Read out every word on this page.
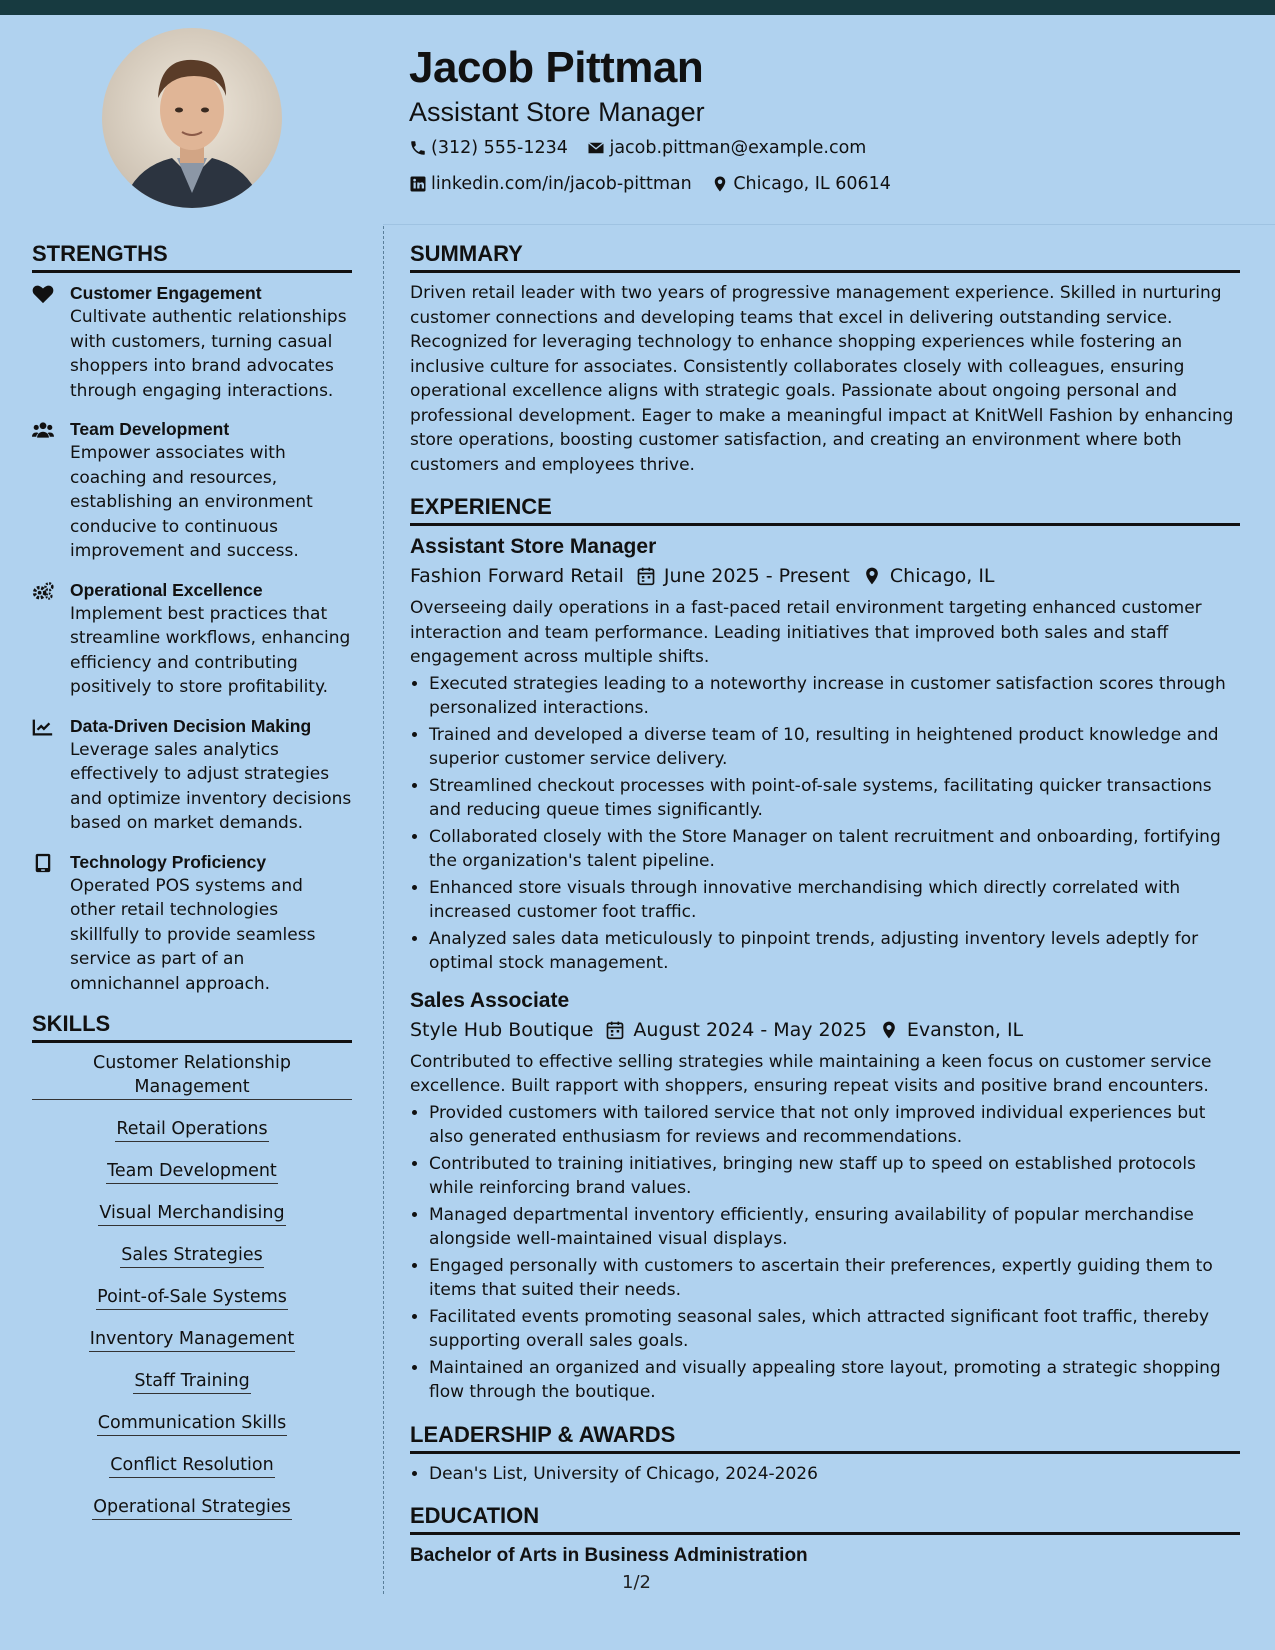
Jacob Pittman
Assistant Store Manager
(312) 555-1234
jacob.pittman@example.com
linkedin.com/in/jacob-pittman
Chicago, IL 60614
STRENGTHS
Customer Engagement
Cultivate authentic relationships with customers, turning casual shoppers into brand advocates through engaging interactions.
Team Development
Empower associates with coaching and resources, establishing an environment conducive to continuous improvement and success.
Operational Excellence
Implement best practices that streamline workflows, enhancing efficiency and contributing positively to store profitability.
Data-Driven Decision Making
Leverage sales analytics effectively to adjust strategies and optimize inventory decisions based on market demands.
Technology Proficiency
Operated POS systems and other retail technologies skillfully to provide seamless service as part of an omnichannel approach.
SKILLS
Customer Relationship Management
Retail Operations
Team Development
Visual Merchandising
Sales Strategies
Point-of-Sale Systems
Inventory Management
Staff Training
Communication Skills
Conflict Resolution
Operational Strategies
SUMMARY

Driven retail leader with two years of progressive management experience. Skilled in nurturing customer connections and developing teams that excel in delivering outstanding service. Recognized for leveraging technology to enhance shopping experiences while fostering an inclusive culture for associates. Consistently collaborates closely with colleagues, ensuring operational excellence aligns with strategic goals. Passionate about ongoing personal and professional development. Eager to make a meaningful impact at KnitWell Fashion by enhancing store operations, boosting customer satisfaction, and creating an environment where both customers and employees thrive.

EXPERIENCE
Assistant Store Manager
Fashion Forward Retail June 2025 - Present Chicago, IL

Overseeing daily operations in a fast-paced retail environment targeting enhanced customer interaction and team performance. Leading initiatives that improved both sales and staff engagement across multiple shifts.

• Executed strategies leading to a noteworthy increase in customer satisfaction scores through personalized interactions.
• Trained and developed a diverse team of 10, resulting in heightened product knowledge and superior customer service delivery.
• Streamlined checkout processes with point-of-sale systems, facilitating quicker transactions and reducing queue times significantly.
• Collaborated closely with the Store Manager on talent recruitment and onboarding, fortifying the organization's talent pipeline.
• Enhanced store visuals through innovative merchandising which directly correlated with increased customer foot traffic.
• Analyzed sales data meticulously to pinpoint trends, adjusting inventory levels adeptly for optimal stock management.
Sales Associate
Style Hub Boutique August 2024 - May 2025 Evanston, IL

Contributed to effective selling strategies while maintaining a keen focus on customer service excellence. Built rapport with shoppers, ensuring repeat visits and positive brand encounters.

• Provided customers with tailored service that not only improved individual experiences but also generated enthusiasm for reviews and recommendations.
• Contributed to training initiatives, bringing new staff up to speed on established protocols while reinforcing brand values.
• Managed departmental inventory efficiently, ensuring availability of popular merchandise alongside well-maintained visual displays.
• Engaged personally with customers to ascertain their preferences, expertly guiding them to items that suited their needs.
• Facilitated events promoting seasonal sales, which attracted significant foot traffic, thereby supporting overall sales goals.
• Maintained an organized and visually appealing store layout, promoting a strategic shopping flow through the boutique.
LEADERSHIP & AWARDS
• Dean's List, University of Chicago, 2024-2026
EDUCATION
Bachelor of Arts in Business Administration
1/2
